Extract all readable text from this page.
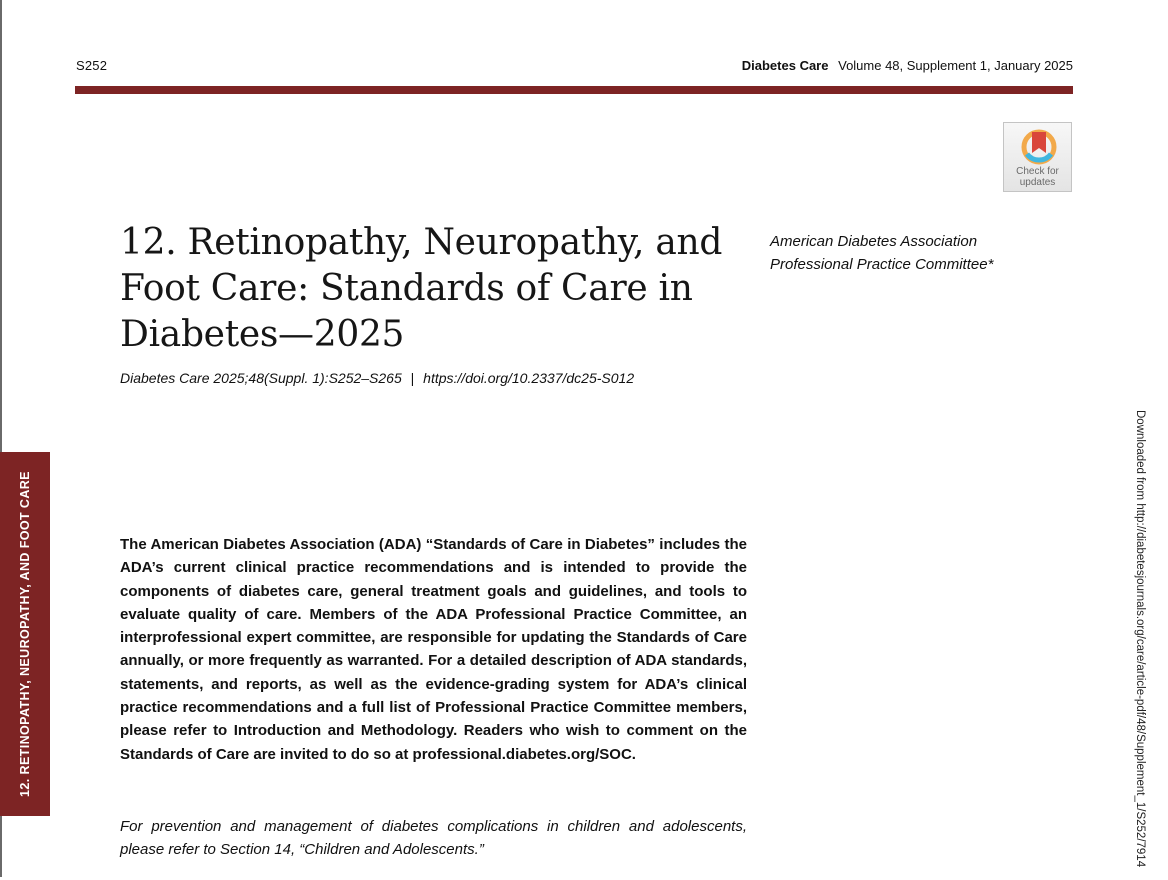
S252	Diabetes Care Volume 48, Supplement 1, January 2025
Check for
updates
12. Retinopathy, Neuropathy, and Foot Care: Standards of Care in Diabetes—2025
American Diabetes Association
Professional Practice Committee*
Diabetes Care 2025;48(Suppl. 1):S252–S265 | https://doi.org/10.2337/dc25-S012

The American Diabetes Association (ADA) “Standards of Care in Diabetes” includes the ADA’s current clinical practice recommendations and is intended to provide the components of diabetes care, general treatment goals and guidelines, and tools to evaluate quality of care. Members of the ADA Professional Practice Committee, an interprofessional expert committee, are responsible for updating the Standards of Care annually, or more frequently as warranted. For a detailed description of ADA standards, statements, and reports, as well as the evidence-grading system for ADA’s clinical practice recommendations and a full list of Professional Practice Committee members, please refer to Introduction and Methodology. Readers who wish to comment on the Standards of Care are invited to do so at professional.diabetes.org/SOC.

For prevention and management of diabetes complications in children and adolescents, please refer to Section 14, “Children and Adolescents.”

12. RETINOPATHY, NEUROPATHY, AND FOOT CARE	Downloaded from http://diabetesjournals.org/care/article-pdf/48/Supplement_1/S252/7914
